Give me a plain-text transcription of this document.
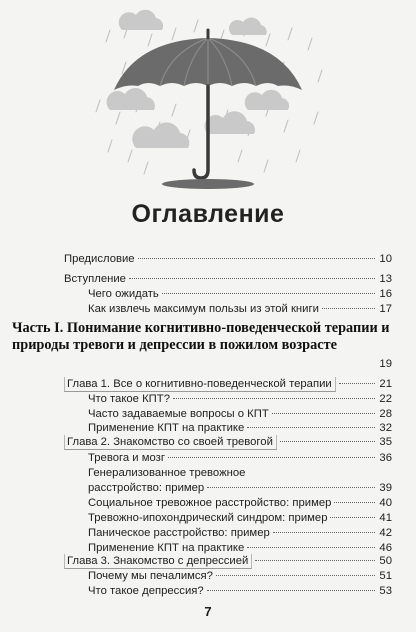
Оглавление
Предисловие	10
Вступление	13
Чего ожидать	16
Как извлечь максимум пользы из этой книги	17
Часть I. Понимание когнитивно-поведенческой терапии и природы тревоги и депрессии в пожилом возрасте
19
Глава 1. Все о когнитивно-поведенческой терапии	21
Что такое КПТ?	22
Часто задаваемые вопросы о КПТ	28
Применение КПТ на практике	32
Глава 2. Знакомство со своей тревогой	35
Тревога и мозг	36
Генерализованное тревожное
расстройство: пример	39
Социальное тревожное расстройство: пример	40
Тревожно-ипохондрический синдром: пример	41
Паническое расстройство: пример	42
Применение КПТ на практике	46
Глава 3. Знакомство с депрессией	50
Почему мы печалимся?	51
Что такое депрессия?	53
7
